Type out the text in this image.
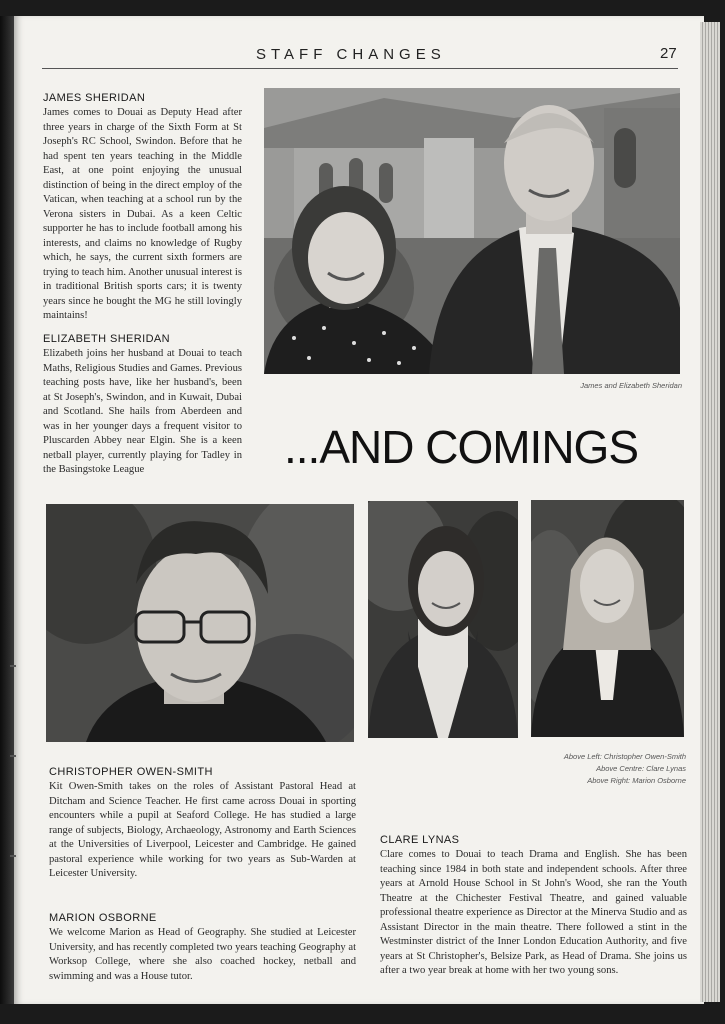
STAFF CHANGES	27
JAMES SHERIDAN
James comes to Douai as Deputy Head after three years in charge of the Sixth Form at St Joseph's RC School, Swindon. Before that he had spent ten years teaching in the Middle East, at one point enjoying the unusual distinction of being in the direct employ of the Vatican, when teaching at a school run by the Verona sisters in Dubai. As a keen Celtic supporter he has to include football among his interests, and claims no knowledge of Rugby which, he says, the current sixth formers are trying to teach him. Another unusual interest is in traditional British sports cars; it is twenty years since he bought the MG he still lovingly maintains!
ELIZABETH SHERIDAN
Elizabeth joins her husband at Douai to teach Maths, Religious Studies and Games. Previous teaching posts have, like her husband's, been at St Joseph's, Swindon, and in Kuwait, Dubai and Scotland. She hails from Aberdeen and was in her younger days a frequent visitor to Pluscarden Abbey near Elgin. She is a keen netball player, currently playing for Tadley in the Basingstoke League
James and Elizabeth Sheridan
...AND COMINGS
Above Left: Christopher Owen-Smith
Above Centre: Clare Lynas
Above Right: Marion Osborne
CHRISTOPHER OWEN-SMITH
Kit Owen-Smith takes on the roles of Assistant Pastoral Head at Ditcham and Science Teacher. He first came across Douai in sporting encounters while a pupil at Seaford College. He has studied a large range of subjects, Biology, Archaeology, Astronomy and Earth Sciences at the Universities of Liverpool, Leicester and Cambridge. He gained pastoral experience while working for two years as Sub-Warden at Leicester University.
MARION OSBORNE
We welcome Marion as Head of Geography. She studied at Leicester University, and has recently completed two years teaching Geography at Worksop College, where she also coached hockey, netball and swimming and was a House tutor.
CLARE LYNAS
Clare comes to Douai to teach Drama and English. She has been teaching since 1984 in both state and independent schools. After three years at Arnold House School in St John's Wood, she ran the Youth Theatre at the Chichester Festival Theatre, and gained valuable professional theatre experience as Director at the Minerva Studio and as Assistant Director in the main theatre. There followed a stint in the Westminster district of the Inner London Education Authority, and five years at St Christopher's, Belsize Park, as Head of Drama. She joins us after a two year break at home with her two young sons.
